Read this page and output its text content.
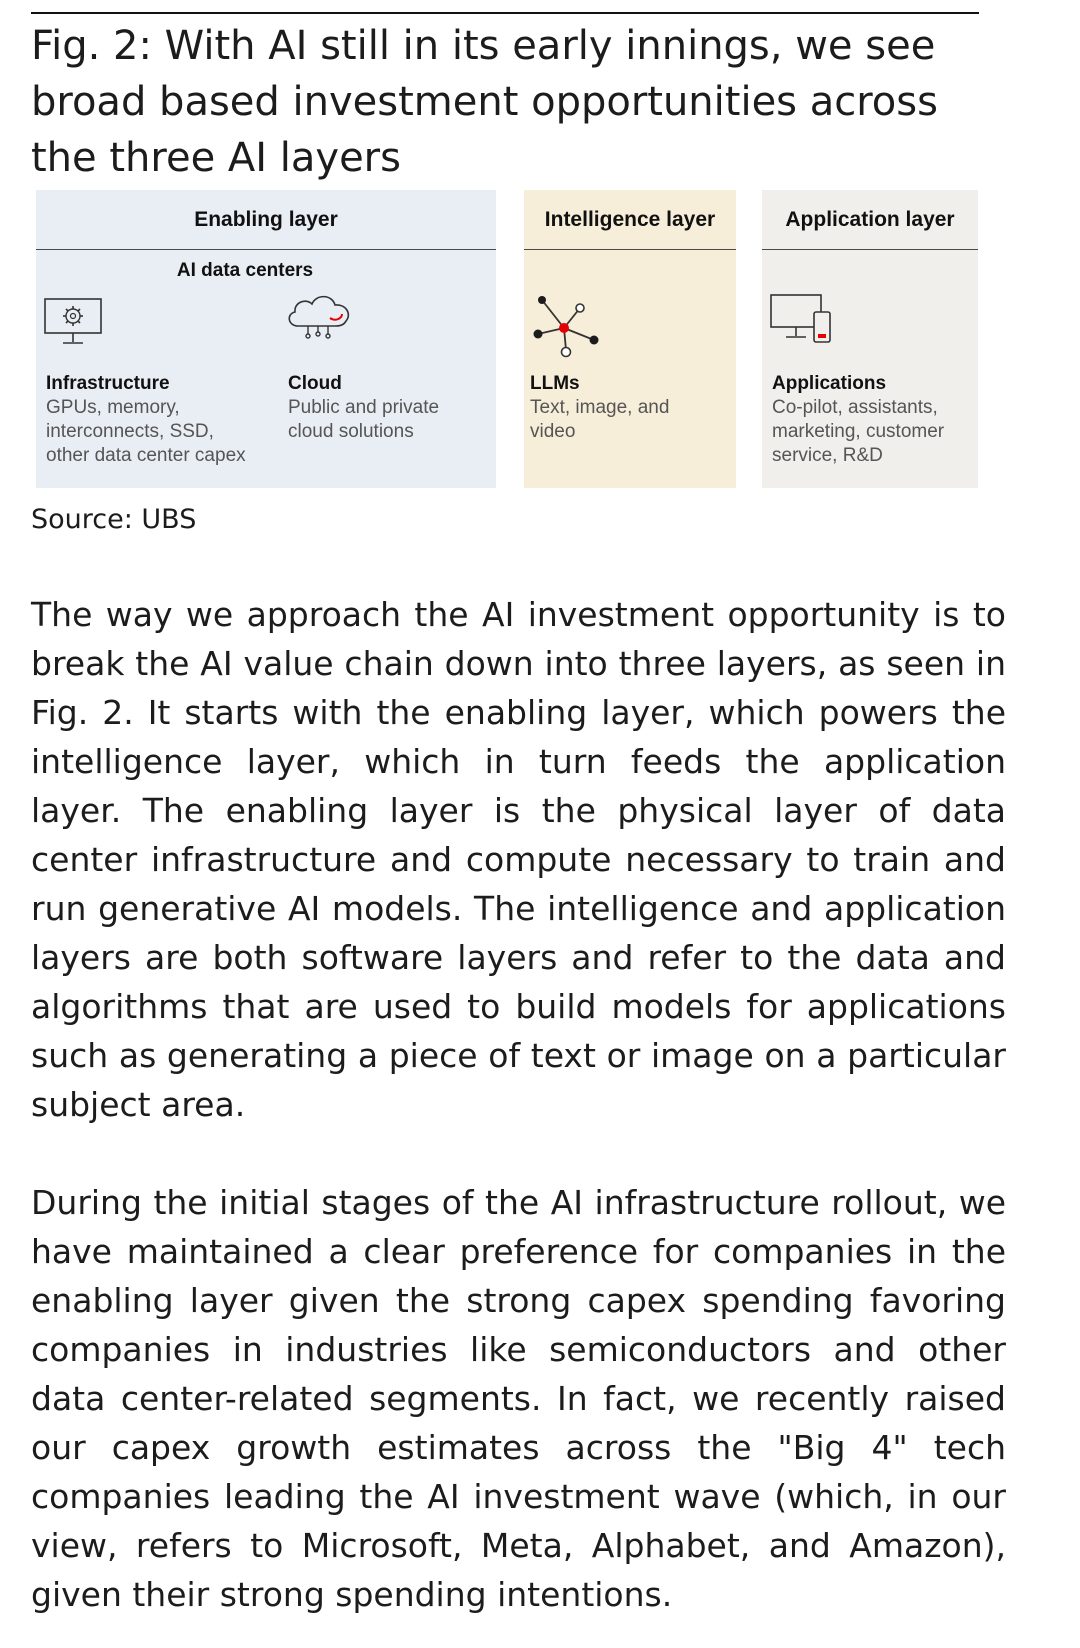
Fig. 2: With AI still in its early innings, we see broad based investment opportunities across the three AI layers
Enabling layer
AI data centers
Infrastructure
GPUs, memory,
interconnects, SSD,
other data center capex
Cloud
Public and private
cloud solutions
Intelligence layer
LLMs
Text, image, and
video
Application layer
Applications
Co-pilot, assistants,
marketing, customer
service, R&D
Source: UBS

The way we approach the AI investment opportunity is to break the AI value chain down into three layers, as seen in Fig. 2. It starts with the enabling layer, which powers the intelligence layer, which in turn feeds the application layer. The enabling layer is the physical layer of data center infrastructure and compute necessary to train and run generative AI models. The intelligence and application layers are both software layers and refer to the data and algorithms that are used to build models for applications such as generating a piece of text or image on a particular subject area.

During the initial stages of the AI infrastructure rollout, we have maintained a clear preference for companies in the enabling layer given the strong capex spending favoring companies in industries like semiconductors and other data center-related segments. In fact, we recently raised our capex growth estimates across the "Big 4" tech companies leading the AI investment wave (which, in our view, refers to Microsoft, Meta, Alphabet, and Amazon), given their strong spending intentions.
